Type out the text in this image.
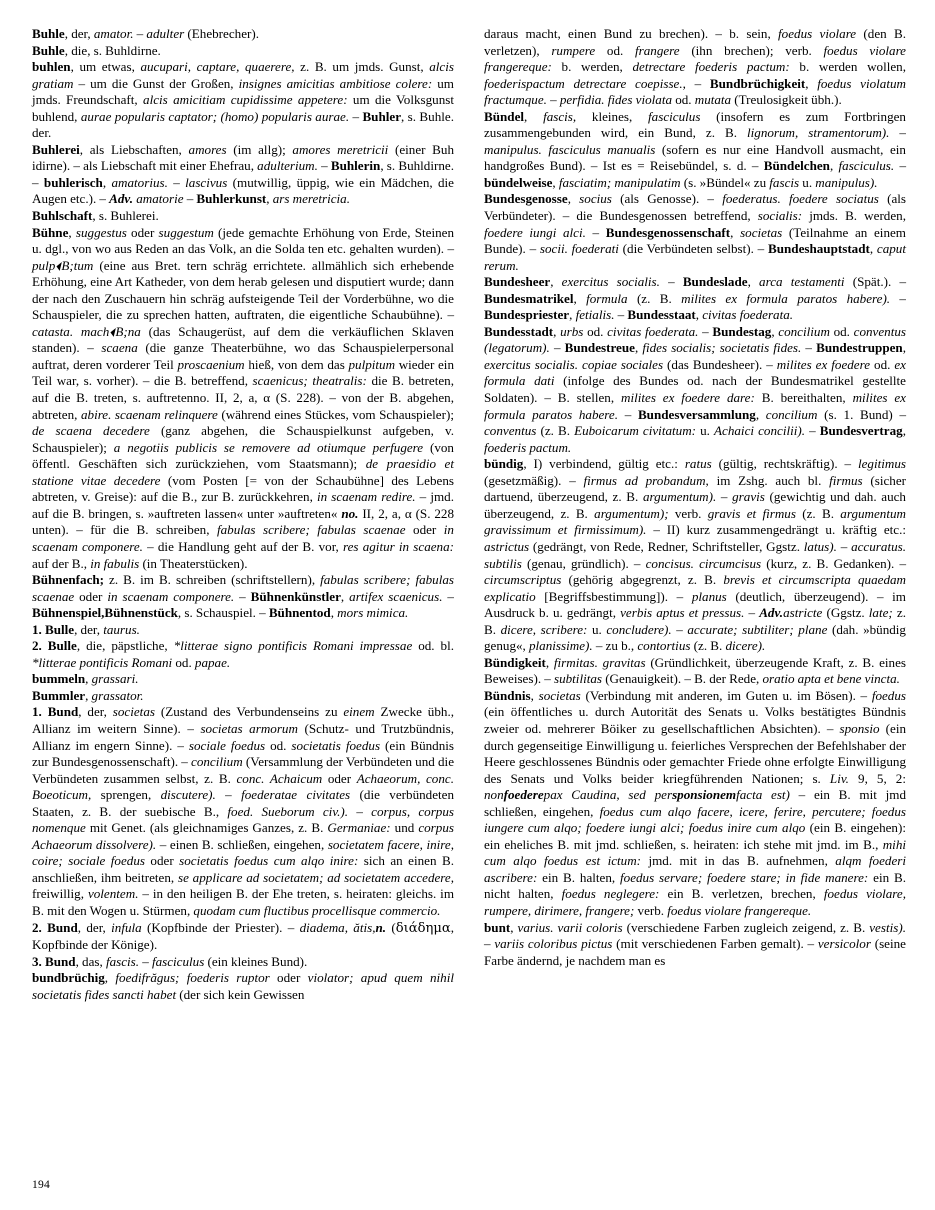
Buhle, der, amator. – adulter (Ehebrecher).

Buhle, die, s. Buhldirne.

buhlen, um etwas, aucupari, captare, quaerere, z. B. um jmds. Gunst, alcis gratiam – um die Gunst der Großen, insignes amicitias ambitiose colere: um jmds. Freundschaft, alcis amicitiam cupidissime appetere: um die Volksgunst buhlend, aurae popularis captator; (homo) popularis aurae. – Buhler, s. Buhle. der.

Buhlerei, als Liebschaften, amores (im allg); amores meretricii (einer Buh idirne). – als Liebschaft mit einer Ehefrau, adulterium. – Buhlerin, s. Buhldirne. – buhlerisch, amatorius. – lascivus (mutwillig, üppig, wie ein Mädchen, die Augen etc.). – Adv. amatorie – Buhlerkunst, ars meretricia.

Buhlschaft, s. Buhlerei.

Bühne, suggestus oder suggestum (jede gemachte Erhöhung von Erde, Steinen u. dgl., von wo aus Reden an das Volk, an die Solda ten etc. gehalten wurden). – pulpB;tum (eine aus Bret. tern schräg errichtete. allmählich sich erhebende Erhöhung, eine Art Katheder, von dem herab gelesen und disputiert wurde; dann der nach den Zuschauern hin schräg aufsteigende Teil der Vorderbühne, wo die Schauspieler, die zu sprechen hatten, auftraten, die eigentliche Schaubühne). – catasta. machB;na (das Schaugerüst, auf dem die verkäuflichen Sklaven standen). – scaena (die ganze Theaterbühne, wo das Schauspielerpersonal auftrat, deren vorderer Teil proscaenium hieß, von dem das pulpitum wieder ein Teil war, s. vorher). – die B. betreffend, scaenicus; theatralis: die B. betreten, auf die B. treten, s. auftretenno. II, 2, a, α (S. 228). – von der B. abgehen, abtreten, abire. scaenam relinquere (während eines Stückes, vom Schauspieler); de scaena decedere (ganz abgehen, die Schauspielkunst aufgeben, v. Schauspieler); a negotiis publicis se removere ad otiumque perfugere (von öffentl. Geschäften sich zurückziehen, vom Staatsmann); de praesidio et statione vitae decedere (vom Posten [= von der Schaubühne] des Lebens abtreten, v. Greise): auf die B., zur B. zurückkehren, in scaenam redire. – jmd. auf die B. bringen, s. »auftreten lassen« unter »auftreten« no. II, 2, a, α (S. 228 unten). – für die B. schreiben, fabulas scribere; fabulas scaenae oder in scaenam componere. – die Handlung geht auf der B. vor, res agitur in scaena: auf der B., in fabulis (in Theaterstücken).

Bühnenfach; z. B. im B. schreiben (schriftstellern), fabulas scribere; fabulas scaenae oder in scaenam componere. – Bühnenkünstler, artifex scaenicus. – Bühnenspiel,Bühnenstück, s. Schauspiel. – Bühnentod, mors mimica.

1. Bulle, der, taurus.

2. Bulle, die, päpstliche, *litterae signo pontificis Romani impressae od. bl. *litterae pontificis Romani od. papae.

bummeln, grassari.

Bummler, grassator.

1. Bund, der, societas (Zustand des Verbundenseins zu einem Zwecke übh., Allianz im weitern Sinne). – societas armorum (Schutz- und Trutzbündnis, Allianz im engern Sinne). – sociale foedus od. societatis foedus (ein Bündnis zur Bundesgenossenschaft). – concilium (Versammlung der Verbündeten und die Verbündeten zusammen selbst, z. B. conc. Achaicum oder Achaeorum, conc. Boeoticum, sprengen, discutere). – foederatae civitates (die verbündeten Staaten, z. B. der suebische B., foed. Sueborum civ.). – corpus, corpus nomenque mit Genet. (als gleichnamiges Ganzes, z. B. Germaniae: und corpus Achaeorum dissolvere). – einen B. schließen, eingehen, societatem facere, inire, coire; sociale foedus oder societatis foedus cum alqo inire: sich an einen B. anschließen, ihm beitreten, se applicare ad societatem; ad societatem accedere, freiwillig, volentem. – in den heiligen B. der Ehe treten, s. heiraten: gleichs. im B. mit den Wogen u. Stürmen, quodam cum fluctibus procellisque commercio.

2. Bund, der, infula (Kopfbinde der Priester). – diadema, ătis,n. (διάδημα, Kopfbinde der Könige).

3. Bund, das, fascis. – fasciculus (ein kleines Bund).

bundbrüchig, foedifrăgus; foederis ruptor oder violator; apud quem nihil societatis fides sancti habet (der sich kein Gewissen

daraus macht, einen Bund zu brechen). – b. sein, foedus violare (den B. verletzen), rumpere od. frangere (ihn brechen); verb. foedus violare frangereque: b. werden, detrectare foederis pactum: b. werden wollen, foederispactum detrectare coepisse., – Bundbrüchigkeit, foedus violatum fractumque. – perfidia. fides violata od. mutata (Treulosigkeit übh.).

Bündel, fascis, kleines, fasciculus (insofern es zum Fortbringen zusammengebunden wird, ein Bund, z. B. lignorum, stramentorum). – manipulus. fasciculus manualis (sofern es nur eine Handvoll ausmacht, ein handgroßes Bund). – Ist es = Reisebündel, s. d. – Bündelchen, fasciculus. – bündelweise, fasciatim; manipulatim (s. »Bündel« zu fascis u. manipulus).

Bundesgenosse, socius (als Genosse). – foederatus. foedere sociatus (als Verbündeter). – die Bundesgenossen betreffend, socialis: jmds. B. werden, foedere iungi alci. – Bundesgenossenschaft, societas (Teilnahme an einem Bunde). – socii. foederati (die Verbündeten selbst). – Bundeshauptstadt, caput rerum.

Bundesheer, exercitus socialis. – Bundeslade, arca testamenti (Spät.). – Bundesmatrikel, formula (z. B. milites ex formula paratos habere). – Bundespriester, fetialis. – Bundesstaat, civitas foederata.

Bundesstadt, urbs od. civitas foederata. – Bundestag, concilium od. conventus (legatorum). – Bundestreue, fides socialis; societatis fides. – Bundestruppen, exercitus socialis. copiae sociales (das Bundesheer). – milites ex foedere od. ex formula dati (infolge des Bundes od. nach der Bundesmatrikel gestellte Soldaten). – B. stellen, milites ex foedere dare: B. bereithalten, milites ex formula paratos habere. – Bundesversammlung, concilium (s. 1. Bund) – conventus (z. B. Euboicarum civitatum: u. Achaici concilii). – Bundesvertrag, foederis pactum.

bündig, I) verbindend, gültig etc.: ratus (gültig, rechtskräftig). – legitimus (gesetzmäßig). – firmus ad probandum, im Zshg. auch bl. firmus (sicher dartuend, überzeugend, z. B. argumentum). – gravis (gewichtig und dah. auch überzeugend, z. B. argumentum); verb. gravis et firmus (z. B. argumentum gravissimum et firmissimum). – II) kurz zusammengedrängt u. kräftig etc.: astrictus (gedrängt, von Rede, Redner, Schriftsteller, Ggstz. latus). – accuratus. subtilis (genau, gründlich). – concisus. circumcisus (kurz, z. B. Gedanken). – circumscriptus (gehörig abgegrenzt, z. B. brevis et circumscripta quaedam explicatio [Begriffsbestimmung]). – planus (deutlich, überzeugend). – im Ausdruck b. u. gedrängt, verbis aptus et pressus. – Adv.astricte (Ggstz. late; z. B. dicere, scribere: u. concludere). – accurate; subtiliter; plane (dah. »bündig genug«, planissime). – zu b., contortius (z. B. dicere).

Bündigkeit, firmitas. gravitas (Gründlichkeit, überzeugende Kraft, z. B. eines Beweises). – subtilitas (Genauigkeit). – B. der Rede, oratio apta et bene vincta.

Bündnis, societas (Verbindung mit anderen, im Guten u. im Bösen). – foedus (ein öffentliches u. durch Autorität des Senats u. Volks bestätigtes Bündnis zweier od. mehrerer Böiker zu gesellschaftlichen Absichten). – sponsio (ein durch gegenseitige Einwilligung u. feierliches Versprechen der Befehlshaber der Heere geschlossenes Bündnis oder gemachter Friede ohne erfolgte Einwilligung des Senats und Volks beider kriegführenden Nationen; s. Liv. 9, 5, 2: nonfoederepax Caudina, sed persponsionemfacta est) – ein B. mit jmd schließen, eingehen, foedus cum alqo facere, icere, ferire, percutere; foedus iungere cum alqo; foedere iungi alci; foedus inire cum alqo (ein B. eingehen): ein eheliches B. mit jmd. schließen, s. heiraten: ich stehe mit jmd. im B., mihi cum alqo foedus est ictum: jmd. mit in das B. aufnehmen, alqm foederi ascribere: ein B. halten, foedus servare; foedere stare; in fide manere: ein B. nicht halten, foedus neglegere: ein B. verletzen, brechen, foedus violare, rumpere, dirimere, frangere; verb. foedus violare frangereque.

bunt, varius. varii coloris (verschiedene Farben zugleich zeigend, z. B. vestis). – variis coloribus pictus (mit verschiedenen Farben gemalt). – versicolor (seine Farbe ändernd, je nachdem man es

194
